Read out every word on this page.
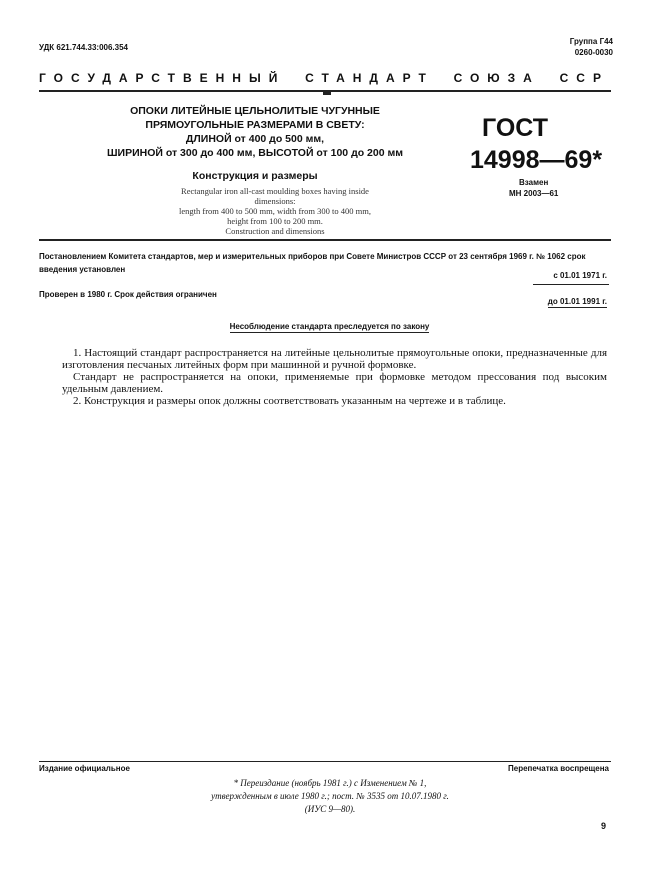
УДК 621.744.33:006.354
Группа Г44
0260-0030
ГОСУДАРСТВЕННЫЙ СТАНДАРТ СОЮЗА ССР
ОПОКИ ЛИТЕЙНЫЕ ЦЕЛЬНОЛИТЫЕ ЧУГУННЫЕ
ПРЯМОУГОЛЬНЫЕ РАЗМЕРАМИ В СВЕТУ:
ДЛИНОЙ от 400 до 500 мм,
ШИРИНОЙ от 300 до 400 мм, ВЫСОТОЙ от 100 до 200 мм
Конструкция и размеры
Rectangular iron all-cast moulding boxes having inside dimensions:
length from 400 to 500 mm, width from 300 to 400 mm,
height from 100 to 200 mm.
Construction and dimensions
ГОСТ
14998—69*
Взамен
МН 2003—61
Постановлением Комитета стандартов, мер и измерительных приборов при Совете Министров СССР от 23 сентября 1969 г. № 1062 срок введения установлен
с 01.01 1971 г.
Проверен в 1980 г. Срок действия ограничен
до 01.01 1991 г.
Несоблюдение стандарта преследуется по закону

1. Настоящий стандарт распространяется на литейные цельнолитые прямоугольные опоки, предназначенные для изготовления песчаных литейных форм при машинной и ручной формовке.

Стандарт не распространяется на опоки, применяемые при формовке методом прессования под высоким удельным давлением.

2. Конструкция и размеры опок должны соответствовать указанным на чертеже и в таблице.

Издание официальное	Перепечатка воспрещена
* Переиздание (ноябрь 1981 г.) с Изменением № 1,
утвержденным в июле 1980 г.; пост. № 3535 от 10.07.1980 г.
(ИУС 9—80).
9
